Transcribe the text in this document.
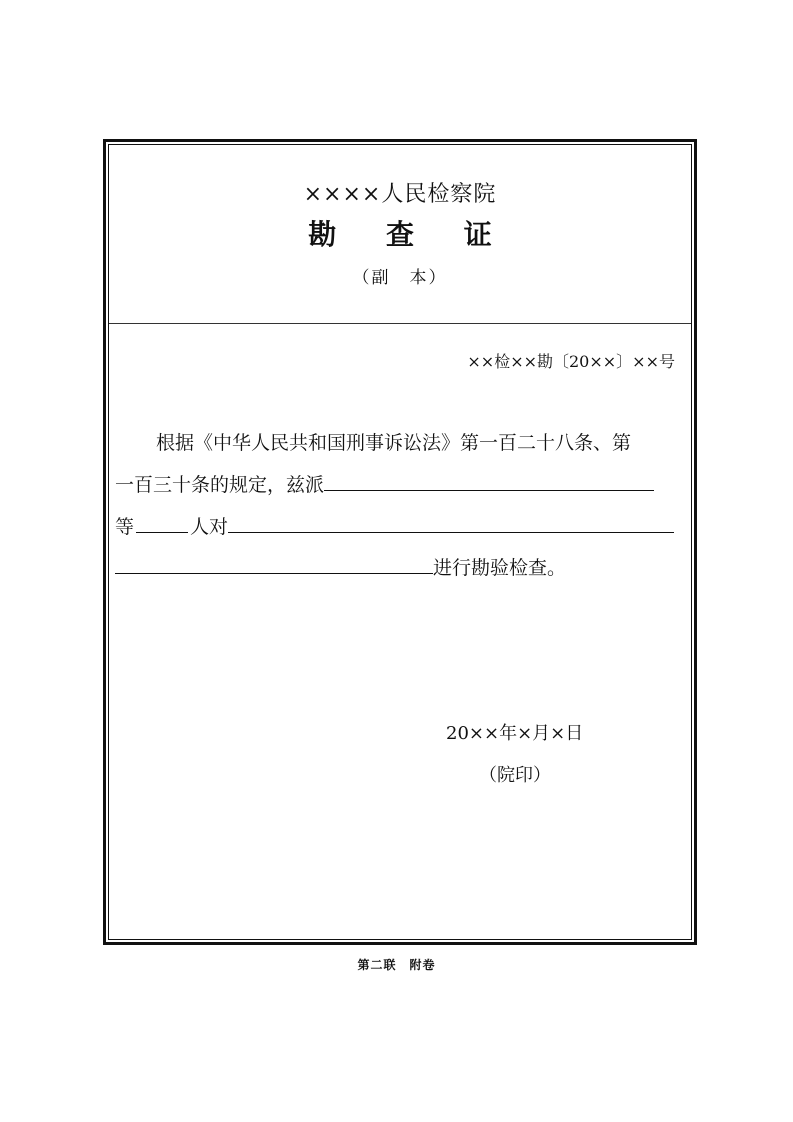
××××人民检察院
勘 查 证
（副　本）
××检××勘〔20××〕××号
根据《中华人民共和国刑事诉讼法》第一百二十八条、第
一百三十条的规定，兹派
等	人对
进行勘验检查。
20××年×月×日
（院印）
第二联　附卷
